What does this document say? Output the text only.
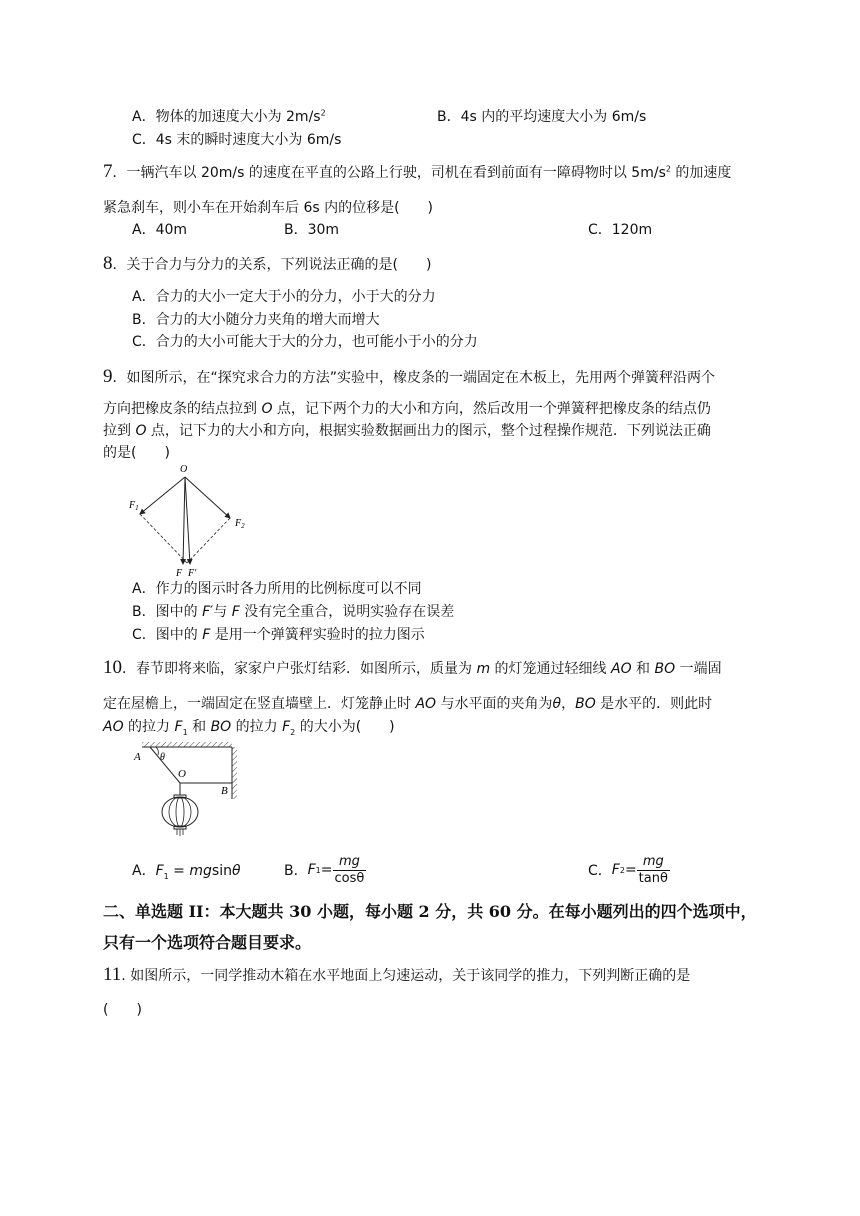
A．物体的加速度大小为 $2m/s^2$	B．4s 内的平均速度大小为 6m/s
C．4s 末的瞬时速度大小为 6m/s
7．一辆汽车以 20m/s 的速度在平直的公路上行驶，司机在看到前面有一障碍物时以 $5m/s^2$ 的加速度
紧急刹车，则小车在开始刹车后 6s 内的位移是(　　)
A．40m	B．30m	C．120m
8．关于合力与分力的关系，下列说法正确的是(　　)
A．合力的大小一定大于小的分力，小于大的分力
B．合力的大小随分力夹角的增大而增大
C．合力的大小可能大于大的分力，也可能小于小的分力
9．如图所示，在“探究求合力的方法”实验中，橡皮条的一端固定在木板上，先用两个弹簧秤沿两个
方向把橡皮条的结点拉到 O 点，记下两个力的大小和方向，然后改用一个弹簧秤把橡皮条的结点仍
拉到 O 点，记下力的大小和方向，根据实验数据画出力的图示，整个过程操作规范．下列说法正确
的是(　　)
O
$F_1$
$F_2$
F F′
A．作力的图示时各力所用的比例标度可以不同
B．图中的 F′与 F 没有完全重合，说明实验存在误差
C．图中的 F 是用一个弹簧秤实验时的拉力图示
10．春节即将来临，家家户户张灯结彩．如图所示，质量为 m 的灯笼通过轻细线 AO 和 BO 一端固
定在屋檐上，一端固定在竖直墙壁上．灯笼静止时 AO 与水平面的夹角为θ，BO 是水平的．则此时
AO 的拉力 $F_1$ 和 BO 的拉力 $F_2$ 的大小为(　　)
A θ
O
B
A．$F_1 = mgsin\theta$	B． F $1 = \frac{mg}{\cos\theta}$	C． F $2 = \frac{mg}{\tan\theta}$
二、单选题 II：本大题共 30 小题，每小题 2 分，共 60 分。在每小题列出的四个选项中，
只有一个选项符合题目要求。
11. 如图所示，一同学推动木箱在水平地面上匀速运动，关于该同学的推力，下列判断正确的是
(　　)
